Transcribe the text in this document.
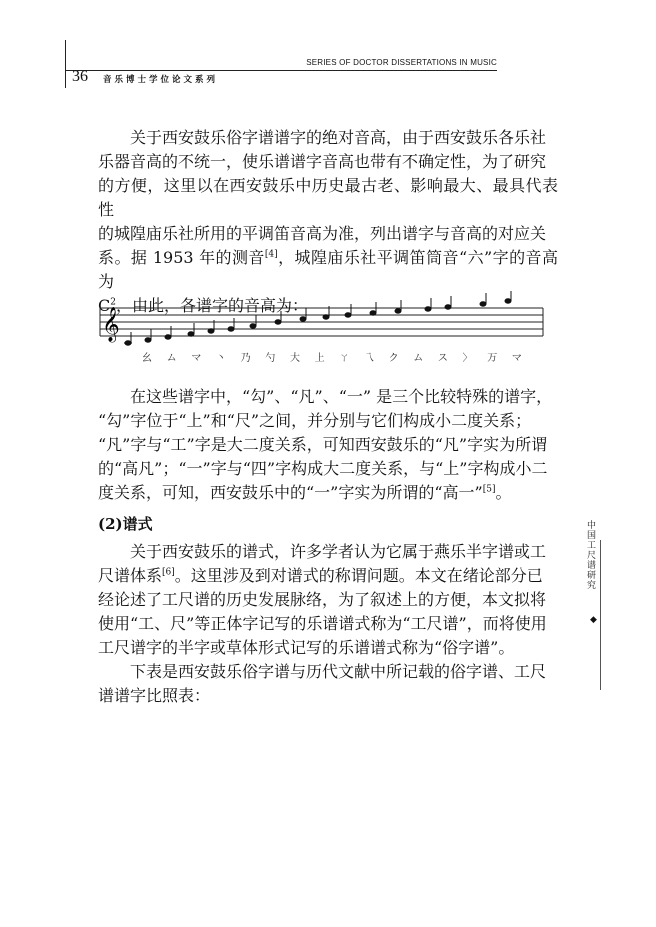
SERIES OF DOCTOR DISSERTATIONS IN MUSIC
36 音乐博士学位论文系列

关于西安鼓乐俗字谱谱字的绝对音高，由于西安鼓乐各乐社

乐器音高的不统一，使乐谱谱字音高也带有不确定性，为了研究
的方便，这里以在西安鼓乐中历史最古老、影响最大、最具代表性
的城隍庙乐社所用的平调笛音高为准，列出谱字与音高的对应关
系。据 1953 年的测音[4]，城隍庙乐社平调笛筒音“六”字的音高为
$C^2$，由此，各谱字的音高为：
𝄞
幺 ム マ 丶 乃 勺 大 上 ㄚ 乁 ク ム ス 〉 万 マ

在这些谱字中，“勾”、“凡”、“一” 是三个比较特殊的谱字，

“勾”字位于“上”和“尺”之间，并分别与它们构成小二度关系；
“凡”字与“工”字是大二度关系，可知西安鼓乐的“凡”字实为所谓
的“高凡”；“一”字与“四”字构成大二度关系，与“上”字构成小二
度关系，可知，西安鼓乐中的“一”字实为所谓的“高一”[5]。
(2)谱式

关于西安鼓乐的谱式，许多学者认为它属于燕乐半字谱或工

尺谱体系[6]。这里涉及到对谱式的称谓问题。本文在绪论部分已
经论述了工尺谱的历史发展脉络，为了叙述上的方便，本文拟将
使用“工、尺”等正体字记写的乐谱谱式称为“工尺谱”，而将使用
工尺谱字的半字或草体形式记写的乐谱谱式称为“俗字谱”。

下表是西安鼓乐俗字谱与历代文献中所记载的俗字谱、工尺

谱谱字比照表：
中国工尺谱研究
◆
